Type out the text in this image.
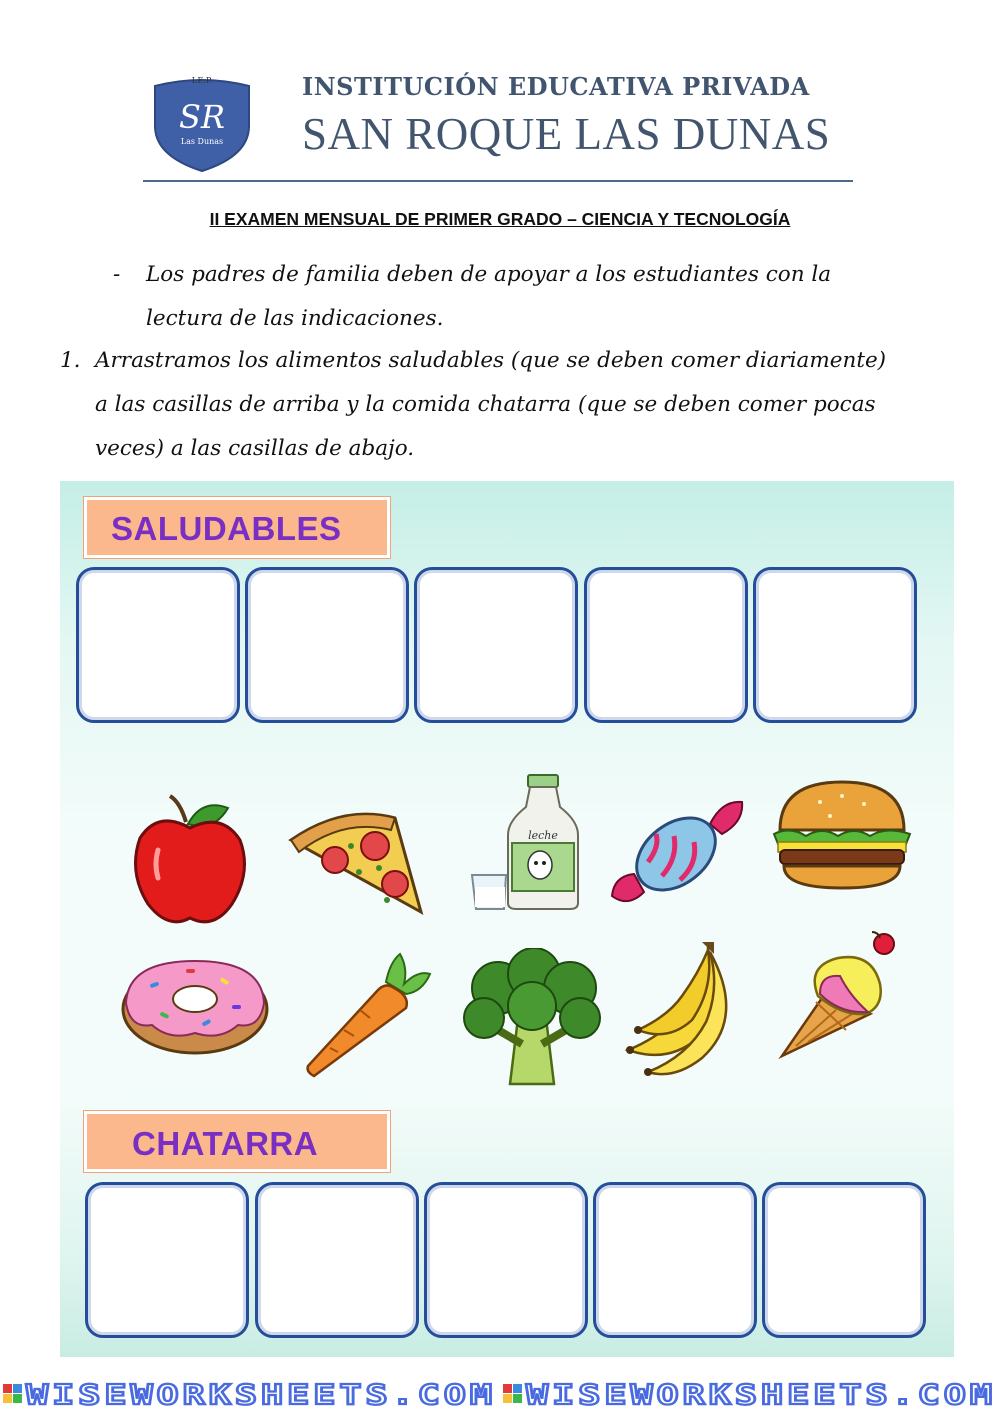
I.E.P.
SR
Las Dunas
INSTITUCIÓN EDUCATIVA PRIVADA
SAN ROQUE LAS DUNAS
II EXAMEN MENSUAL DE PRIMER GRADO – CIENCIA Y TECNOLOGÍA
- Los padres de familia deben de apoyar a los estudiantes con la
lectura de las indicaciones.
1. Arrastramos los alimentos saludables (que se deben comer diariamente)
a las casillas de arriba y la comida chatarra (que se deben comer pocas
veces) a las casillas de abajo.
SALUDABLES
leche
CHATARRA
WISEWORKSHEETS.COM WISEWORKSHEETS.COM
